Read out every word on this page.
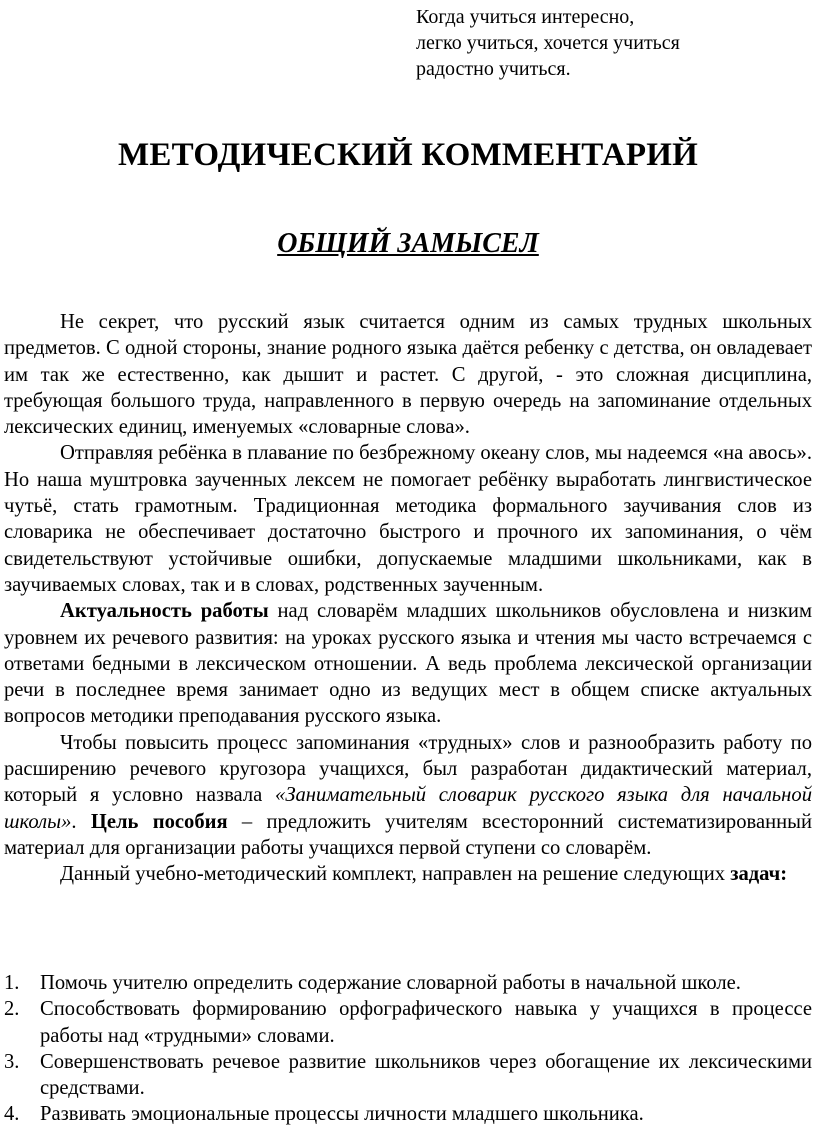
Когда учиться интересно,
легко учиться, хочется учиться
радостно учиться.
МЕТОДИЧЕСКИЙ КОММЕНТАРИЙ
ОБЩИЙ ЗАМЫСЕЛ

Не секрет, что русский язык считается одним из самых трудных школьных предметов. С одной стороны, знание родного языка даётся ребенку с детства, он овладевает им так же естественно, как дышит и растет. С другой, - это сложная дисциплина, требующая большого труда, направленного в первую очередь на запоминание отдельных лексических единиц, именуемых «словарные слова».

Отправляя ребёнка в плавание по безбрежному океану слов, мы надеемся «на авось». Но наша муштровка заученных лексем не помогает ребёнку выработать лингвистическое чутьё, стать грамотным. Традиционная методика формального заучивания слов из словарика не обеспечивает достаточно быстрого и прочного их запоминания, о чём свидетельствуют устойчивые ошибки, допускаемые младшими школьниками, как в заучиваемых словах, так и в словах, родственных заученным.

Актуальность работы над словарём младших школьников обусловлена и низким уровнем их речевого развития: на уроках русского языка и чтения мы часто встречаемся с ответами бедными в лексическом отношении. А ведь проблема лексической организации речи в последнее время занимает одно из ведущих мест в общем списке актуальных вопросов методики преподавания русского языка.

Чтобы повысить процесс запоминания «трудных» слов и разнообразить работу по расширению речевого кругозора учащихся, был разработан дидактический материал, который я условно назвала «Занимательный словарик русского языка для начальной школы». Цель пособия – предложить учителям всесторонний систематизированный материал для организации работы учащихся первой ступени со словарём.

Данный учебно-методический комплект, направлен на решение следующих задач:

1. Помочь учителю определить содержание словарной работы в начальной школе.
2. Способствовать формированию орфографического навыка у учащихся в процессе работы над «трудными» словами.
3. Совершенствовать речевое развитие школьников через обогащение их лексическими средствами.
4. Развивать эмоциональные процессы личности младшего школьника.
